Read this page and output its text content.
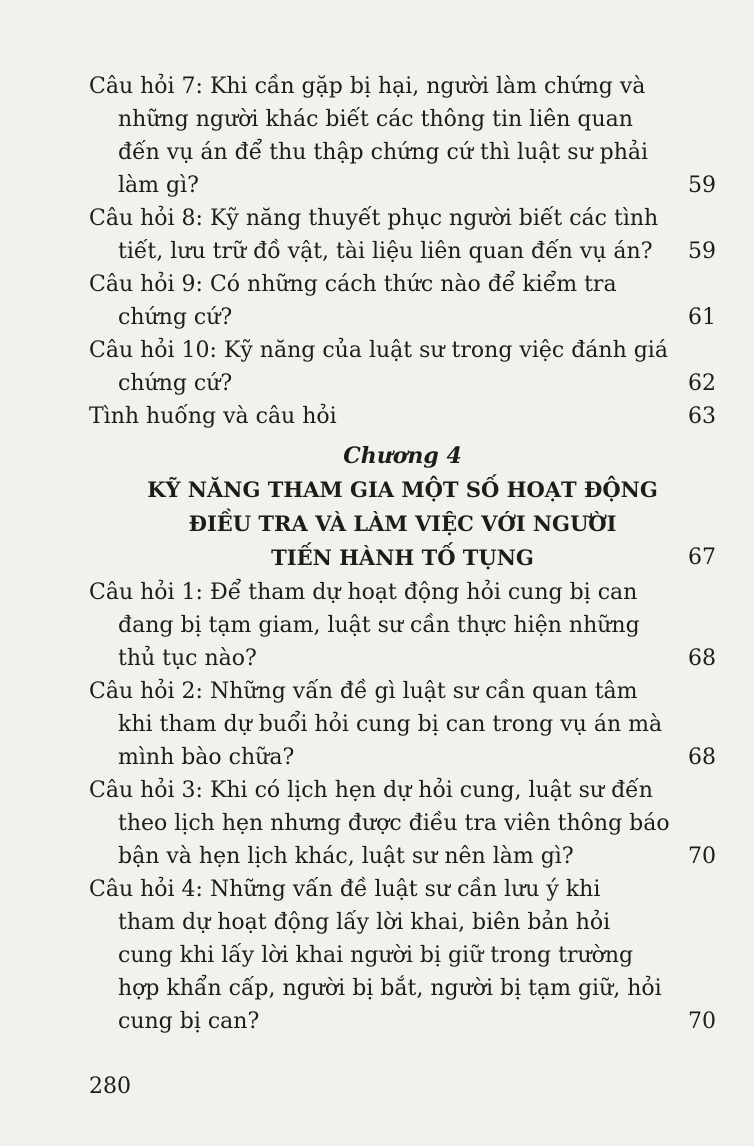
Câu hỏi 7: Khi cần gặp bị hại, người làm chứng và
những người khác biết các thông tin liên quan
đến vụ án để thu thập chứng cứ thì luật sư phải
làm gì?	59
Câu hỏi 8: Kỹ năng thuyết phục người biết các tình
tiết, lưu trữ đồ vật, tài liệu liên quan đến vụ án? 59
Câu hỏi 9: Có những cách thức nào để kiểm tra
chứng cứ?	61
Câu hỏi 10: Kỹ năng của luật sư trong việc đánh giá
chứng cứ?	62
Tình huống và câu hỏi	63
Chương 4
KỸ NĂNG THAM GIA MỘT SỐ HOẠT ĐỘNG
ĐIỀU TRA VÀ LÀM VIỆC VỚI NGƯỜI
TIẾN HÀNH TỐ TỤNG	67
Câu hỏi 1: Để tham dự hoạt động hỏi cung bị can
đang bị tạm giam, luật sư cần thực hiện những
thủ tục nào?	68
Câu hỏi 2: Những vấn đề gì luật sư cần quan tâm
khi tham dự buổi hỏi cung bị can trong vụ án mà
mình bào chữa?	68
Câu hỏi 3: Khi có lịch hẹn dự hỏi cung, luật sư đến
theo lịch hẹn nhưng được điều tra viên thông báo
bận và hẹn lịch khác, luật sư nên làm gì?	70
Câu hỏi 4: Những vấn đề luật sư cần lưu ý khi
tham dự hoạt động lấy lời khai, biên bản hỏi
cung khi lấy lời khai người bị giữ trong trường
hợp khẩn cấp, người bị bắt, người bị tạm giữ, hỏi
cung bị can?	70
280
